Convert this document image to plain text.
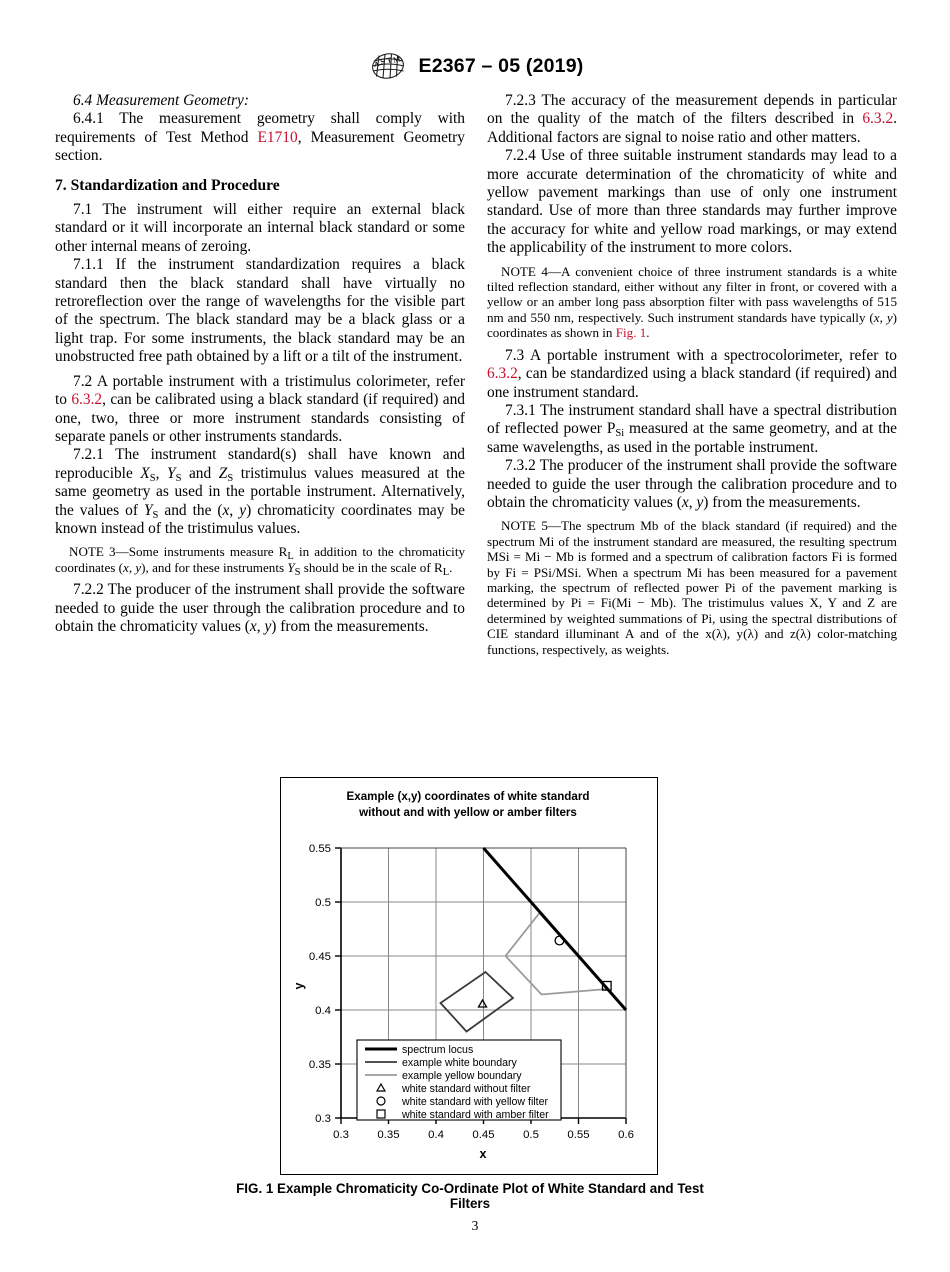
A S T M E2367 – 05 (2019)

6.4 Measurement Geometry:

6.4.1 The measurement geometry shall comply with requirements of Test Method E1710, Measurement Geometry section.

7. Standardization and Procedure

7.1 The instrument will either require an external black standard or it will incorporate an internal black standard or some other internal means of zeroing.

7.1.1 If the instrument standardization requires a black standard then the black standard shall have virtually no retroreflection over the range of wavelengths for the visible part of the spectrum. The black standard may be a black glass or a light trap. For some instruments, the black standard may be an unobstructed free path obtained by a lift or a tilt of the instrument.

7.2 A portable instrument with a tristimulus colorimeter, refer to 6.3.2, can be calibrated using a black standard (if required) and one, two, three or more instrument standards consisting of separate panels or other instruments standards.

7.2.1 The instrument standard(s) shall have known and reproducible $X_S$, $Y_S$ and $Z_S$ tristimulus values measured at the same geometry as used in the portable instrument. Alternatively, the values of $Y_S$ and the (x, y) chromaticity coordinates may be known instead of the tristimulus values.

NOTE 3—Some instruments measure $R_L$ in addition to the chromaticity coordinates (x, y), and for these instruments $Y_S$ should be in the scale of $R_L$.

7.2.2 The producer of the instrument shall provide the software needed to guide the user through the calibration procedure and to obtain the chromaticity values (x, y) from the measurements.

7.2.3 The accuracy of the measurement depends in particular on the quality of the match of the filters described in 6.3.2. Additional factors are signal to noise ratio and other matters.

7.2.4 Use of three suitable instrument standards may lead to a more accurate determination of the chromaticity of white and yellow pavement markings than use of only one instrument standard. Use of more than three standards may further improve the accuracy for white and yellow road markings, or may extend the applicability of the instrument to more colors.

NOTE 4—A convenient choice of three instrument standards is a white tilted reflection standard, either without any filter in front, or covered with a yellow or an amber long pass absorption filter with pass wavelengths of 515 nm and 550 nm, respectively. Such instrument standards have typically (x, y) coordinates as shown in Fig. 1.

7.3 A portable instrument with a spectrocolorimeter, refer to 6.3.2, can be standardized using a black standard (if required) and one instrument standard.

7.3.1 The instrument standard shall have a spectral distribution of reflected power $P_{Si}$ measured at the same geometry, and at the same wavelengths, as used in the portable instrument.

7.3.2 The producer of the instrument shall provide the software needed to guide the user through the calibration procedure and to obtain the chromaticity values (x, y) from the measurements.

NOTE 5—The spectrum Mb of the black standard (if required) and the spectrum Mi of the instrument standard are measured, the resulting spectrum MSi = Mi − Mb is formed and a spectrum of calibration factors Fi is formed by Fi = PSi/MSi. When a spectrum Mi has been measured for a pavement marking, the spectrum of reflected power Pi of the pavement marking is determined by Pi = Fi(Mi − Mb). The tristimulus values X, Y and Z are determined by weighted summations of Pi, using the spectral distributions of CIE standard illuminant A and of the x(λ), y(λ) and z(λ) color-matching functions, respectively, as weights.

Example (x,y) coordinates of white standard
without and with yellow or amber filters
0.55
0.5
0.45
0.4
0.35
0.3
0.3 0.35 0.4 0.45 0.5 0.55 0.6
x
y
spectrum locus
example white boundary
example yellow boundary
white standard without filter
white standard with yellow filter
white standard with amber filter
FIG. 1 Example Chromaticity Co-Ordinate Plot of White Standard and Test Filters
3
